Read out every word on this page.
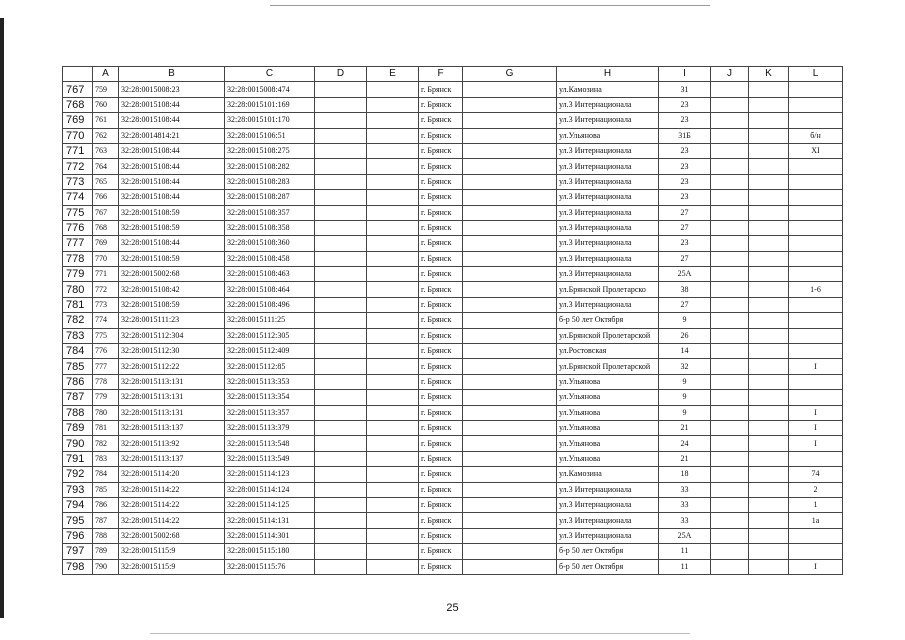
	A	B	C	D	E	F	G	H	I	J	K	L
767	759	32:28:0015008:23	32:28:0015008:474			г. Брянск		ул.Камозина	31			
768	760	32:28:0015108:44	32:28:0015101:169			г. Брянск		ул.3 Интернационала	23			
769	761	32:28:0015108:44	32:28:0015101:170			г. Брянск		ул.3 Интернационала	23			
770	762	32:28:0014814:21	32:28:0015106:51			г. Брянск		ул.Ульянова	31Б			б/н
771	763	32:28:0015108:44	32:28:0015108:275			г. Брянск		ул.3 Интернационала	23			XI
772	764	32:28:0015108:44	32:28:0015108:282			г. Брянск		ул.3 Интернационала	23			
773	765	32:28:0015108:44	32:28:0015108:283			г. Брянск		ул.3 Интернационала	23			
774	766	32:28:0015108:44	32:28:0015108:287			г. Брянск		ул.3 Интернационала	23			
775	767	32:28:0015108:59	32:28:0015108:357			г. Брянск		ул.3 Интернационала	27			
776	768	32:28:0015108:59	32:28:0015108:358			г. Брянск		ул.3 Интернационала	27			
777	769	32:28:0015108:44	32:28:0015108:360			г. Брянск		ул.3 Интернационала	23			
778	770	32:28:0015108:59	32:28:0015108:458			г. Брянск		ул.3 Интернационала	27			
779	771	32:28:0015002:68	32:28:0015108:463			г. Брянск		ул.3 Интернационала	25А			
780	772	32:28:0015108:42	32:28:0015108:464			г. Брянск		ул.Брянской Пролетарско	38			1-6
781	773	32:28:0015108:59	32:28:0015108:496			г. Брянск		ул.3 Интернационала	27			
782	774	32:28:0015111:23	32:28:0015111:25			г. Брянск		б-р 50 лет Октября	9			
783	775	32:28:0015112:304	32:28:0015112:305			г. Брянск		ул.Брянской Пролетарской	26			
784	776	32:28:0015112:30	32:28:0015112:409			г. Брянск		ул.Ростовская	14			
785	777	32:28:0015112:22	32:28:0015112:85			г. Брянск		ул.Брянской Пролетарской	32			I
786	778	32:28:0015113:131	32:28:0015113:353			г. Брянск		ул.Ульянова	9			
787	779	32:28:0015113:131	32:28:0015113:354			г. Брянск		ул.Ульянова	9			
788	780	32:28:0015113:131	32:28:0015113:357			г. Брянск		ул.Ульянова	9			I
789	781	32:28:0015113:137	32:28:0015113:379			г. Брянск		ул.Ульянова	21			I
790	782	32:28:0015113:92	32:28:0015113:548			г. Брянск		ул.Ульянова	24			I
791	783	32:28:0015113:137	32:28:0015113:549			г. Брянск		ул.Ульянова	21			
792	784	32:28:0015114:20	32:28:0015114:123			г. Брянск		ул.Камозина	18			74
793	785	32:28:0015114:22	32:28:0015114:124			г. Брянск		ул.3 Интернационала	33			2
794	786	32:28:0015114:22	32:28:0015114:125			г. Брянск		ул.3 Интернационала	33			1
795	787	32:28:0015114:22	32:28:0015114:131			г. Брянск		ул.3 Интернационала	33			1а
796	788	32:28:0015002:68	32:28:0015114:301			г. Брянск		ул.3 Интернационала	25А			
797	789	32:28:0015115:9	32:28:0015115:180			г. Брянск		б-р 50 лет Октября	11			
798	790	32:28:0015115:9	32:28:0015115:76			г. Брянск		б-р 50 лет Октября	11			I
25
